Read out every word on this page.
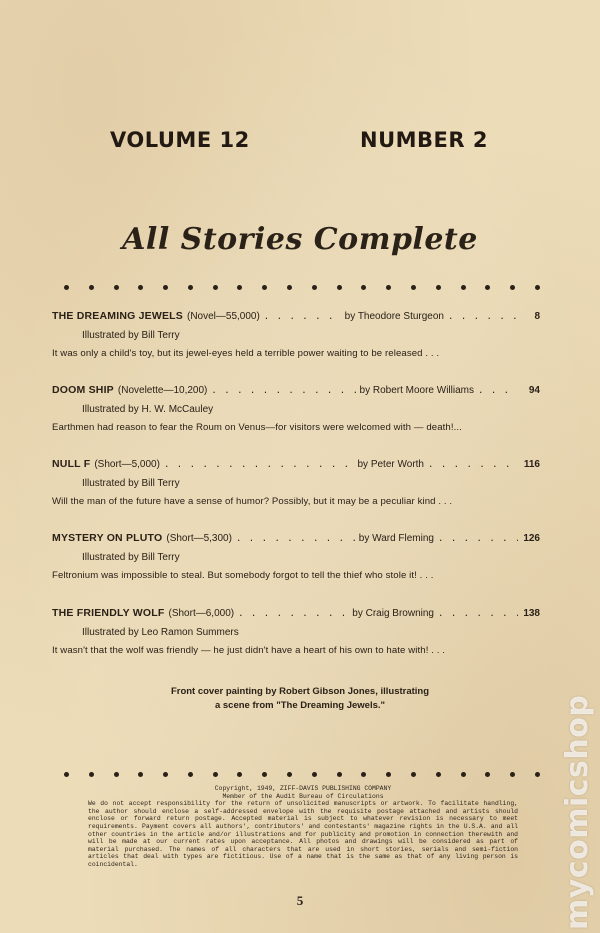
VOLUME 12	NUMBER 2
All Stories Complete
THE DREAMING JEWELS (Novel—55,000) . . .	by Theodore Sturgeon . . .	8
Illustrated by Bill Terry
It was only a child's toy, but its jewel-eyes held a terrible power waiting to be released . . .
DOOM SHIP (Novelette—10,200) . . .	by Robert Moore Williams . . .	94
Illustrated by H. W. McCauley
Earthmen had reason to fear the Roum on Venus—for visitors were welcomed with — death!...
NULL F (Short—5,000) . . .	by Peter Worth . . .	116
Illustrated by Bill Terry
Will the man of the future have a sense of humor? Possibly, but it may be a peculiar kind . . .
MYSTERY ON PLUTO (Short—5,300) . . .	by Ward Fleming . . .	126
Illustrated by Bill Terry
Feltronium was impossible to steal. But somebody forgot to tell the thief who stole it! . . .
THE FRIENDLY WOLF (Short—6,000) . . .	by Craig Browning . . .	138
Illustrated by Leo Ramon Summers
It wasn't that the wolf was friendly — he just didn't have a heart of his own to hate with! . . .
Front cover painting by Robert Gibson Jones, illustrating
a scene from "The Dreaming Jewels."
Copyright, 1949, ZIFF-DAVIS PUBLISHING COMPANY
Member of the Audit Bureau of Circulations
We do not accept responsibility for the return of unsolicited manuscripts or artwork. To facilitate handling, the author should enclose a self-addressed envelope with the requisite postage attached and artists should enclose or forward return postage. Accepted material is subject to whatever revision is necessary to meet requirements. Payment covers all authors', contributors' and contestants' magazine rights in the U.S.A. and all other countries in the article and/or illustrations and for publicity and promotion in connection therewith and will be made at our current rates upon acceptance. All photos and drawings will be considered as part of material purchased. The names of all characters that are used in short stories, serials and semi-fiction articles that deal with types are fictitious. Use of a name that is the same as that of any living person is coincidental.
5	mycomicshop
